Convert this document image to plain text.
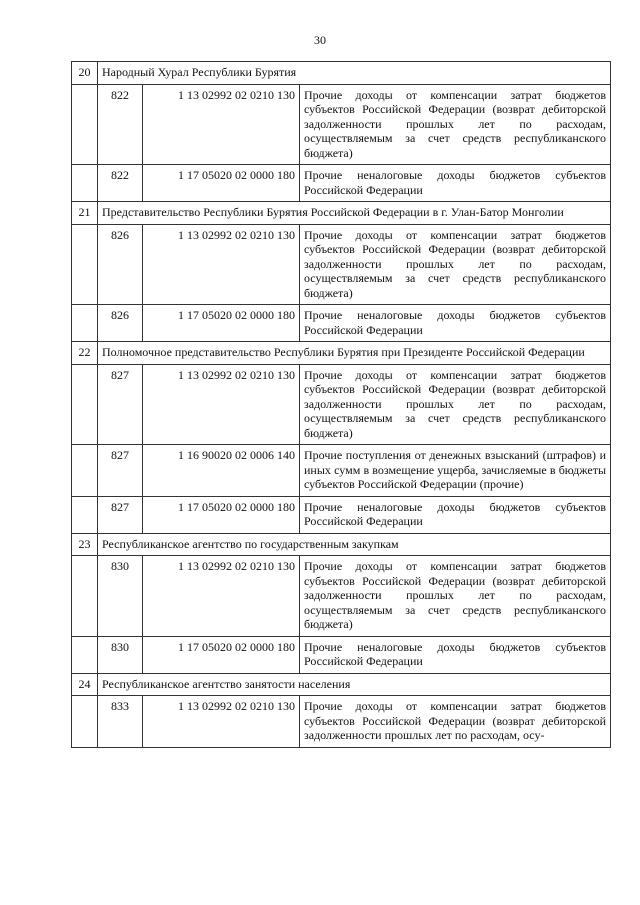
30
20	Народный Хурал Республики Бурятия		
	822	1 13 02992 02 0210 130	Прочие доходы от компенсации затрат бюджетов субъектов Российской Федерации (возврат дебиторской задолженности прошлых лет по расходам, осуществляемым за счет средств республиканского бюджета)
	822	1 17 05020 02 0000 180	Прочие неналоговые доходы бюджетов субъектов Российской Федерации
21	Представительство Республики Бурятия Российской Федерации в г. Улан-Батор Монголии		
	826	1 13 02992 02 0210 130	Прочие доходы от компенсации затрат бюджетов субъектов Российской Федерации (возврат дебиторской задолженности прошлых лет по расходам, осуществляемым за счет средств республиканского бюджета)
	826	1 17 05020 02 0000 180	Прочие неналоговые доходы бюджетов субъектов Российской Федерации
22	Полномочное представительство Республики Бурятия при Президенте Российской Федерации		
	827	1 13 02992 02 0210 130	Прочие доходы от компенсации затрат бюджетов субъектов Российской Федерации (возврат дебиторской задолженности прошлых лет по расходам, осуществляемым за счет средств республиканского бюджета)
	827	1 16 90020 02 0006 140	Прочие поступления от денежных взысканий (штрафов) и иных сумм в возмещение ущерба, зачисляемые в бюджеты субъектов Российской Федерации (прочие)
	827	1 17 05020 02 0000 180	Прочие неналоговые доходы бюджетов субъектов Российской Федерации
23	Республиканское агентство по государственным закупкам		
	830	1 13 02992 02 0210 130	Прочие доходы от компенсации затрат бюджетов субъектов Российской Федерации (возврат дебиторской задолженности прошлых лет по расходам, осуществляемым за счет средств республиканского бюджета)
	830	1 17 05020 02 0000 180	Прочие неналоговые доходы бюджетов субъектов Российской Федерации
24	Республиканское агентство занятости населения		
	833	1 13 02992 02 0210 130	Прочие доходы от компенсации затрат бюджетов субъектов Российской Федерации (возврат дебиторской задолженности прошлых лет по расходам, осу-
